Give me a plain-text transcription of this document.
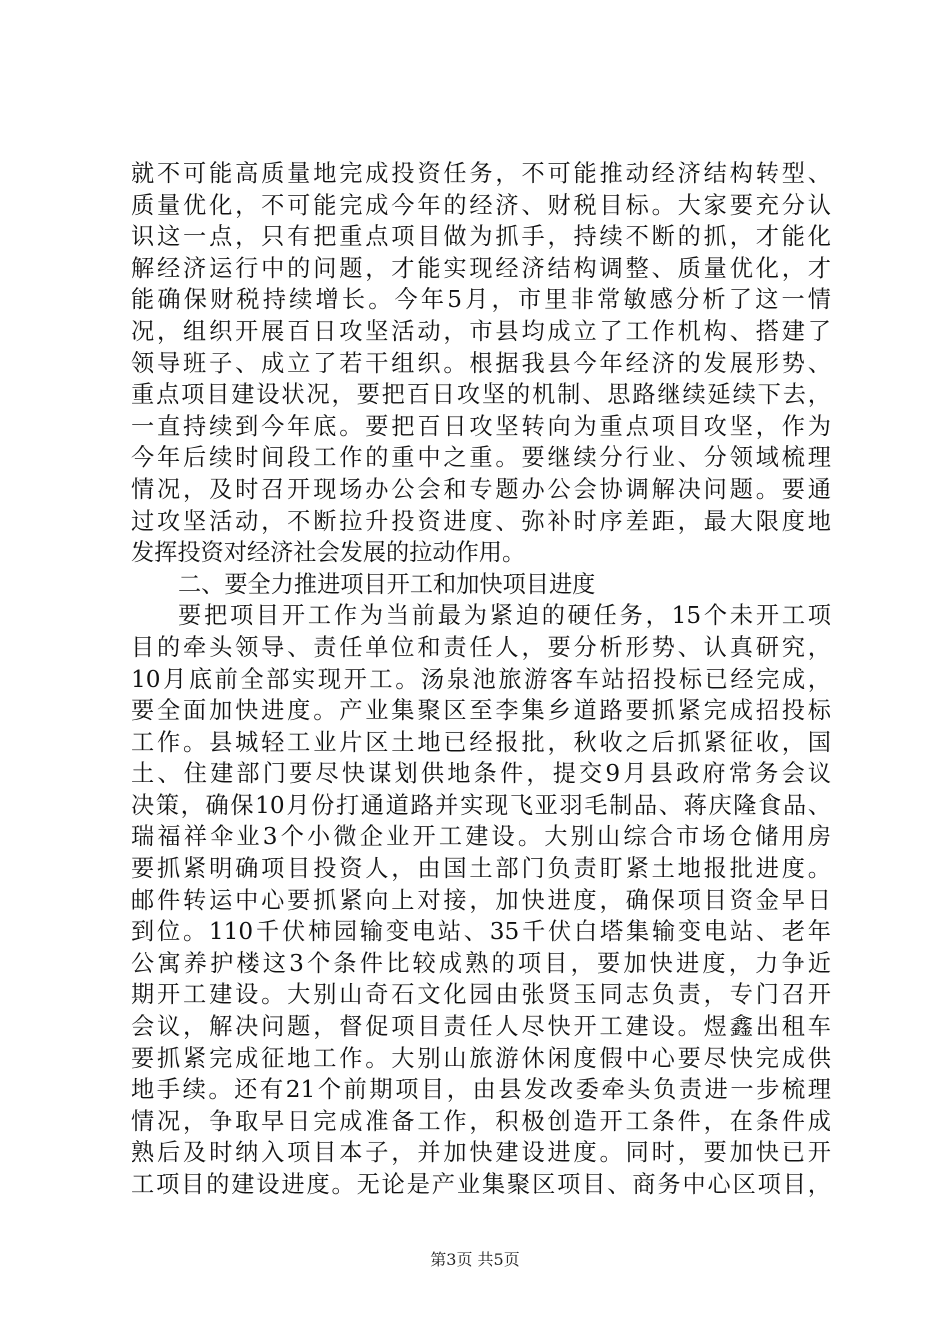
就不可能高质量地完成投资任务，不可能推动经济结构转型、
质量优化，不可能完成今年的经济、财税目标。大家要充分认
识这一点，只有把重点项目做为抓手，持续不断的抓，才能化
解经济运行中的问题，才能实现经济结构调整、质量优化，才
能确保财税持续增长。今年5月，市里非常敏感分析了这一情
况，组织开展百日攻坚活动，市县均成立了工作机构、搭建了
领导班子、成立了若干组织。根据我县今年经济的发展形势、
重点项目建设状况，要把百日攻坚的机制、思路继续延续下去，
一直持续到今年底。要把百日攻坚转向为重点项目攻坚，作为
今年后续时间段工作的重中之重。要继续分行业、分领域梳理
情况，及时召开现场办公会和专题办公会协调解决问题。要通
过攻坚活动，不断拉升投资进度、弥补时序差距，最大限度地
发挥投资对经济社会发展的拉动作用。
二、要全力推进项目开工和加快项目进度
要把项目开工作为当前最为紧迫的硬任务，15个未开工项
目的牵头领导、责任单位和责任人，要分析形势、认真研究，
10月底前全部实现开工。汤泉池旅游客车站招投标已经完成，
要全面加快进度。产业集聚区至李集乡道路要抓紧完成招投标
工作。县城轻工业片区土地已经报批，秋收之后抓紧征收，国
土、住建部门要尽快谋划供地条件，提交9月县政府常务会议
决策，确保10月份打通道路并实现飞亚羽毛制品、蒋庆隆食品、
瑞福祥伞业3个小微企业开工建设。大别山综合市场仓储用房
要抓紧明确项目投资人，由国土部门负责盯紧土地报批进度。
邮件转运中心要抓紧向上对接，加快进度，确保项目资金早日
到位。110千伏柿园输变电站、35千伏白塔集输变电站、老年
公寓养护楼这3个条件比较成熟的项目，要加快进度，力争近
期开工建设。大别山奇石文化园由张贤玉同志负责，专门召开
会议，解决问题，督促项目责任人尽快开工建设。煜鑫出租车
要抓紧完成征地工作。大别山旅游休闲度假中心要尽快完成供
地手续。还有21个前期项目，由县发改委牵头负责进一步梳理
情况，争取早日完成准备工作，积极创造开工条件，在条件成
熟后及时纳入项目本子，并加快建设进度。同时，要加快已开
工项目的建设进度。无论是产业集聚区项目、商务中心区项目，
第3页 共5页
